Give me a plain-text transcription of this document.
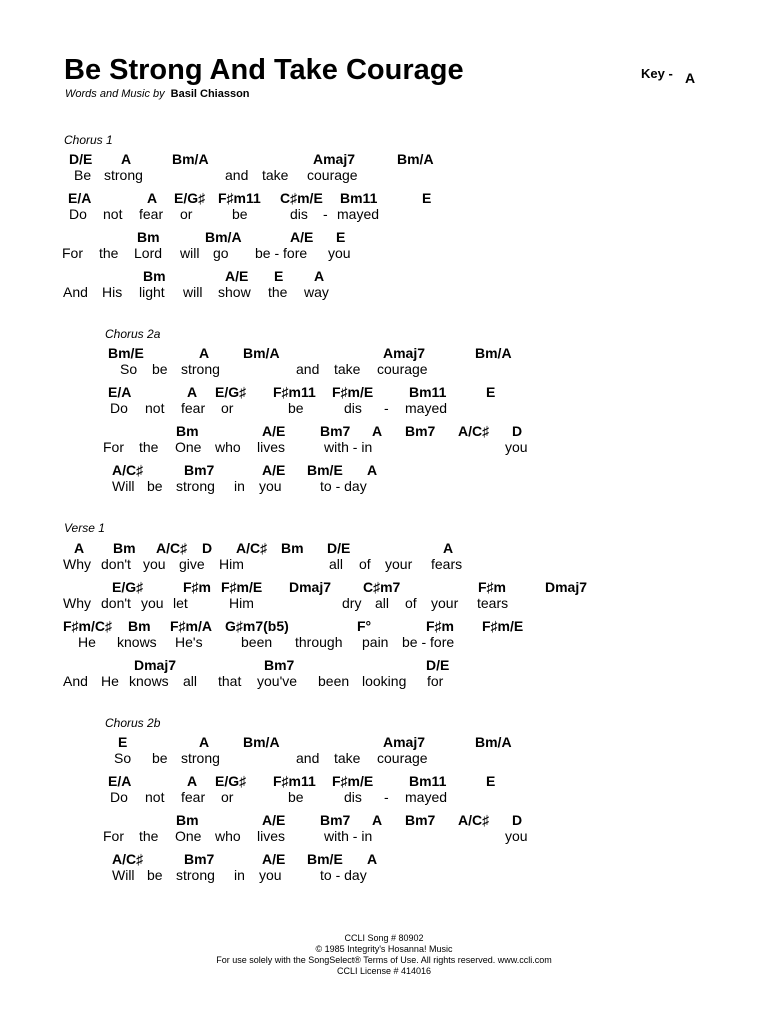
Be Strong And Take Courage
Words and Music by Basil Chiasson
Key - A
Chorus 1
D/E A	Bm/A	Amaj7	Bm/A
Be strong	and take courage
E/A	A E/G♯ F♯m11 C♯m/E Bm11	E
Do not fear or	be	dis - mayed
Bm	Bm/A	A/E E
For the Lord will go be - fore you
Bm	A/E E A
And His light will show the way
Chorus 2a
Bm/E	A Bm/A	Amaj7	Bm/A
So be strong	and take courage
E/A	A E/G♯ F♯m11 F♯m/E	Bm11	E
Do not fear or	be	dis - mayed
Bm	A/E Bm7 A Bm7 A/C♯ D
For the One who lives	with - in	you
A/C♯	Bm7	A/E Bm/E A
Will be strong in you	to - day
Verse 1
A Bm A/C♯ D A/C♯ Bm D/E	A
Why don't you give Him	all of your fears
E/G♯	F♯m F♯m/E Dmaj7 C♯m7	F♯m	Dmaj7
Why don't you let	Him	dry all of your tears
F♯m/C♯ Bm F♯m/A G♯m7(b5)	F°	F♯m F♯m/E
He knows He's	been through pain be - fore
Dmaj7	Bm7	D/E
And He knows all that you've been looking for
Chorus 2b
E	A Bm/A	Amaj7	Bm/A
So be strong	and take courage
E/A	A E/G♯ F♯m11 F♯m/E	Bm11	E
Do not fear or	be	dis - mayed
Bm	A/E Bm7 A Bm7 A/C♯ D
For the One who lives	with - in	you
A/C♯	Bm7	A/E Bm/E A
Will be strong in you	to - day
CCLI Song # 80902
© 1985 Integrity's Hosanna! Music
For use solely with the SongSelect® Terms of Use. All rights reserved. www.ccli.com
CCLI License # 414016
